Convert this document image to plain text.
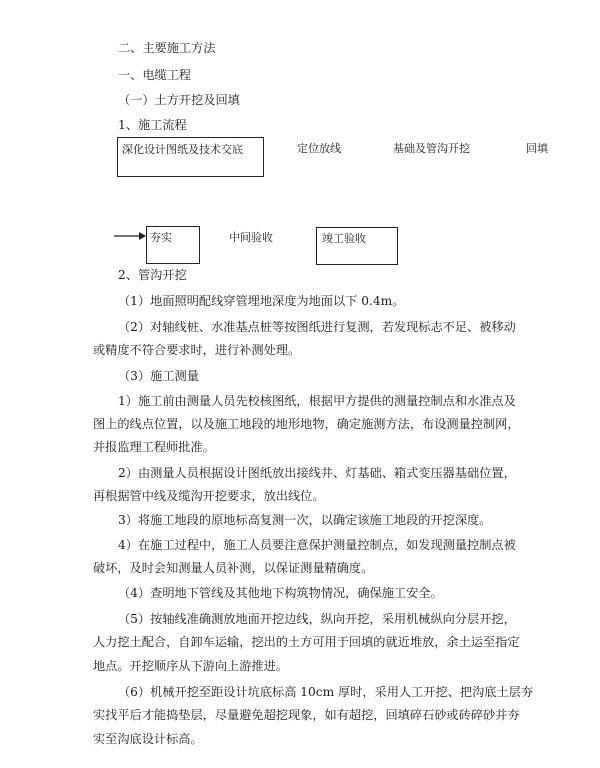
二、主要施工方法
一、电缆工程
（一）土方开挖及回填
1、施工流程
深化设计图纸及技术交底	定位放线	基础及管沟开挖	回填
夯实	中间验收	竣工验收
2、管沟开挖
（1）地面照明配线穿管埋地深度为地面以下 0.4m。
（2）对轴线桩、水准基点桩等按图纸进行复测，若发现标志不足、被移动
或精度不符合要求时，进行补测处理。
（3）施工测量
1）施工前由测量人员先校核图纸，根据甲方提供的测量控制点和水准点及
图上的线点位置，以及施工地段的地形地物，确定施测方法，布设测量控制网，
并报监理工程师批准。
2）由测量人员根据设计图纸放出接线井、灯基础、箱式变压器基础位置，
再根据管中线及缆沟开挖要求，放出线位。
3）将施工地段的原地标高复测一次，以确定该施工地段的开挖深度。
4）在施工过程中，施工人员要注意保护测量控制点，如发现测量控制点被
破坏，及时会知测量人员补测，以保证测量精确度。
（4）查明地下管线及其他地下构筑物情况，确保施工安全。
（5）按轴线准确测放地面开挖边线，纵向开挖，采用机械纵向分层开挖，
人力挖土配合，自卸车运输，挖出的土方可用于回填的就近堆放，余土运至指定
地点。开挖顺序从下游向上游推进。
（6）机械开挖至距设计坑底标高 10cm 厚时，采用人工开挖、把沟底土层夯
实找平后才能捣垫层，尽量避免超挖现象，如有超挖，回填碎石砂或砖碎砂并夯
实至沟底设计标高。
